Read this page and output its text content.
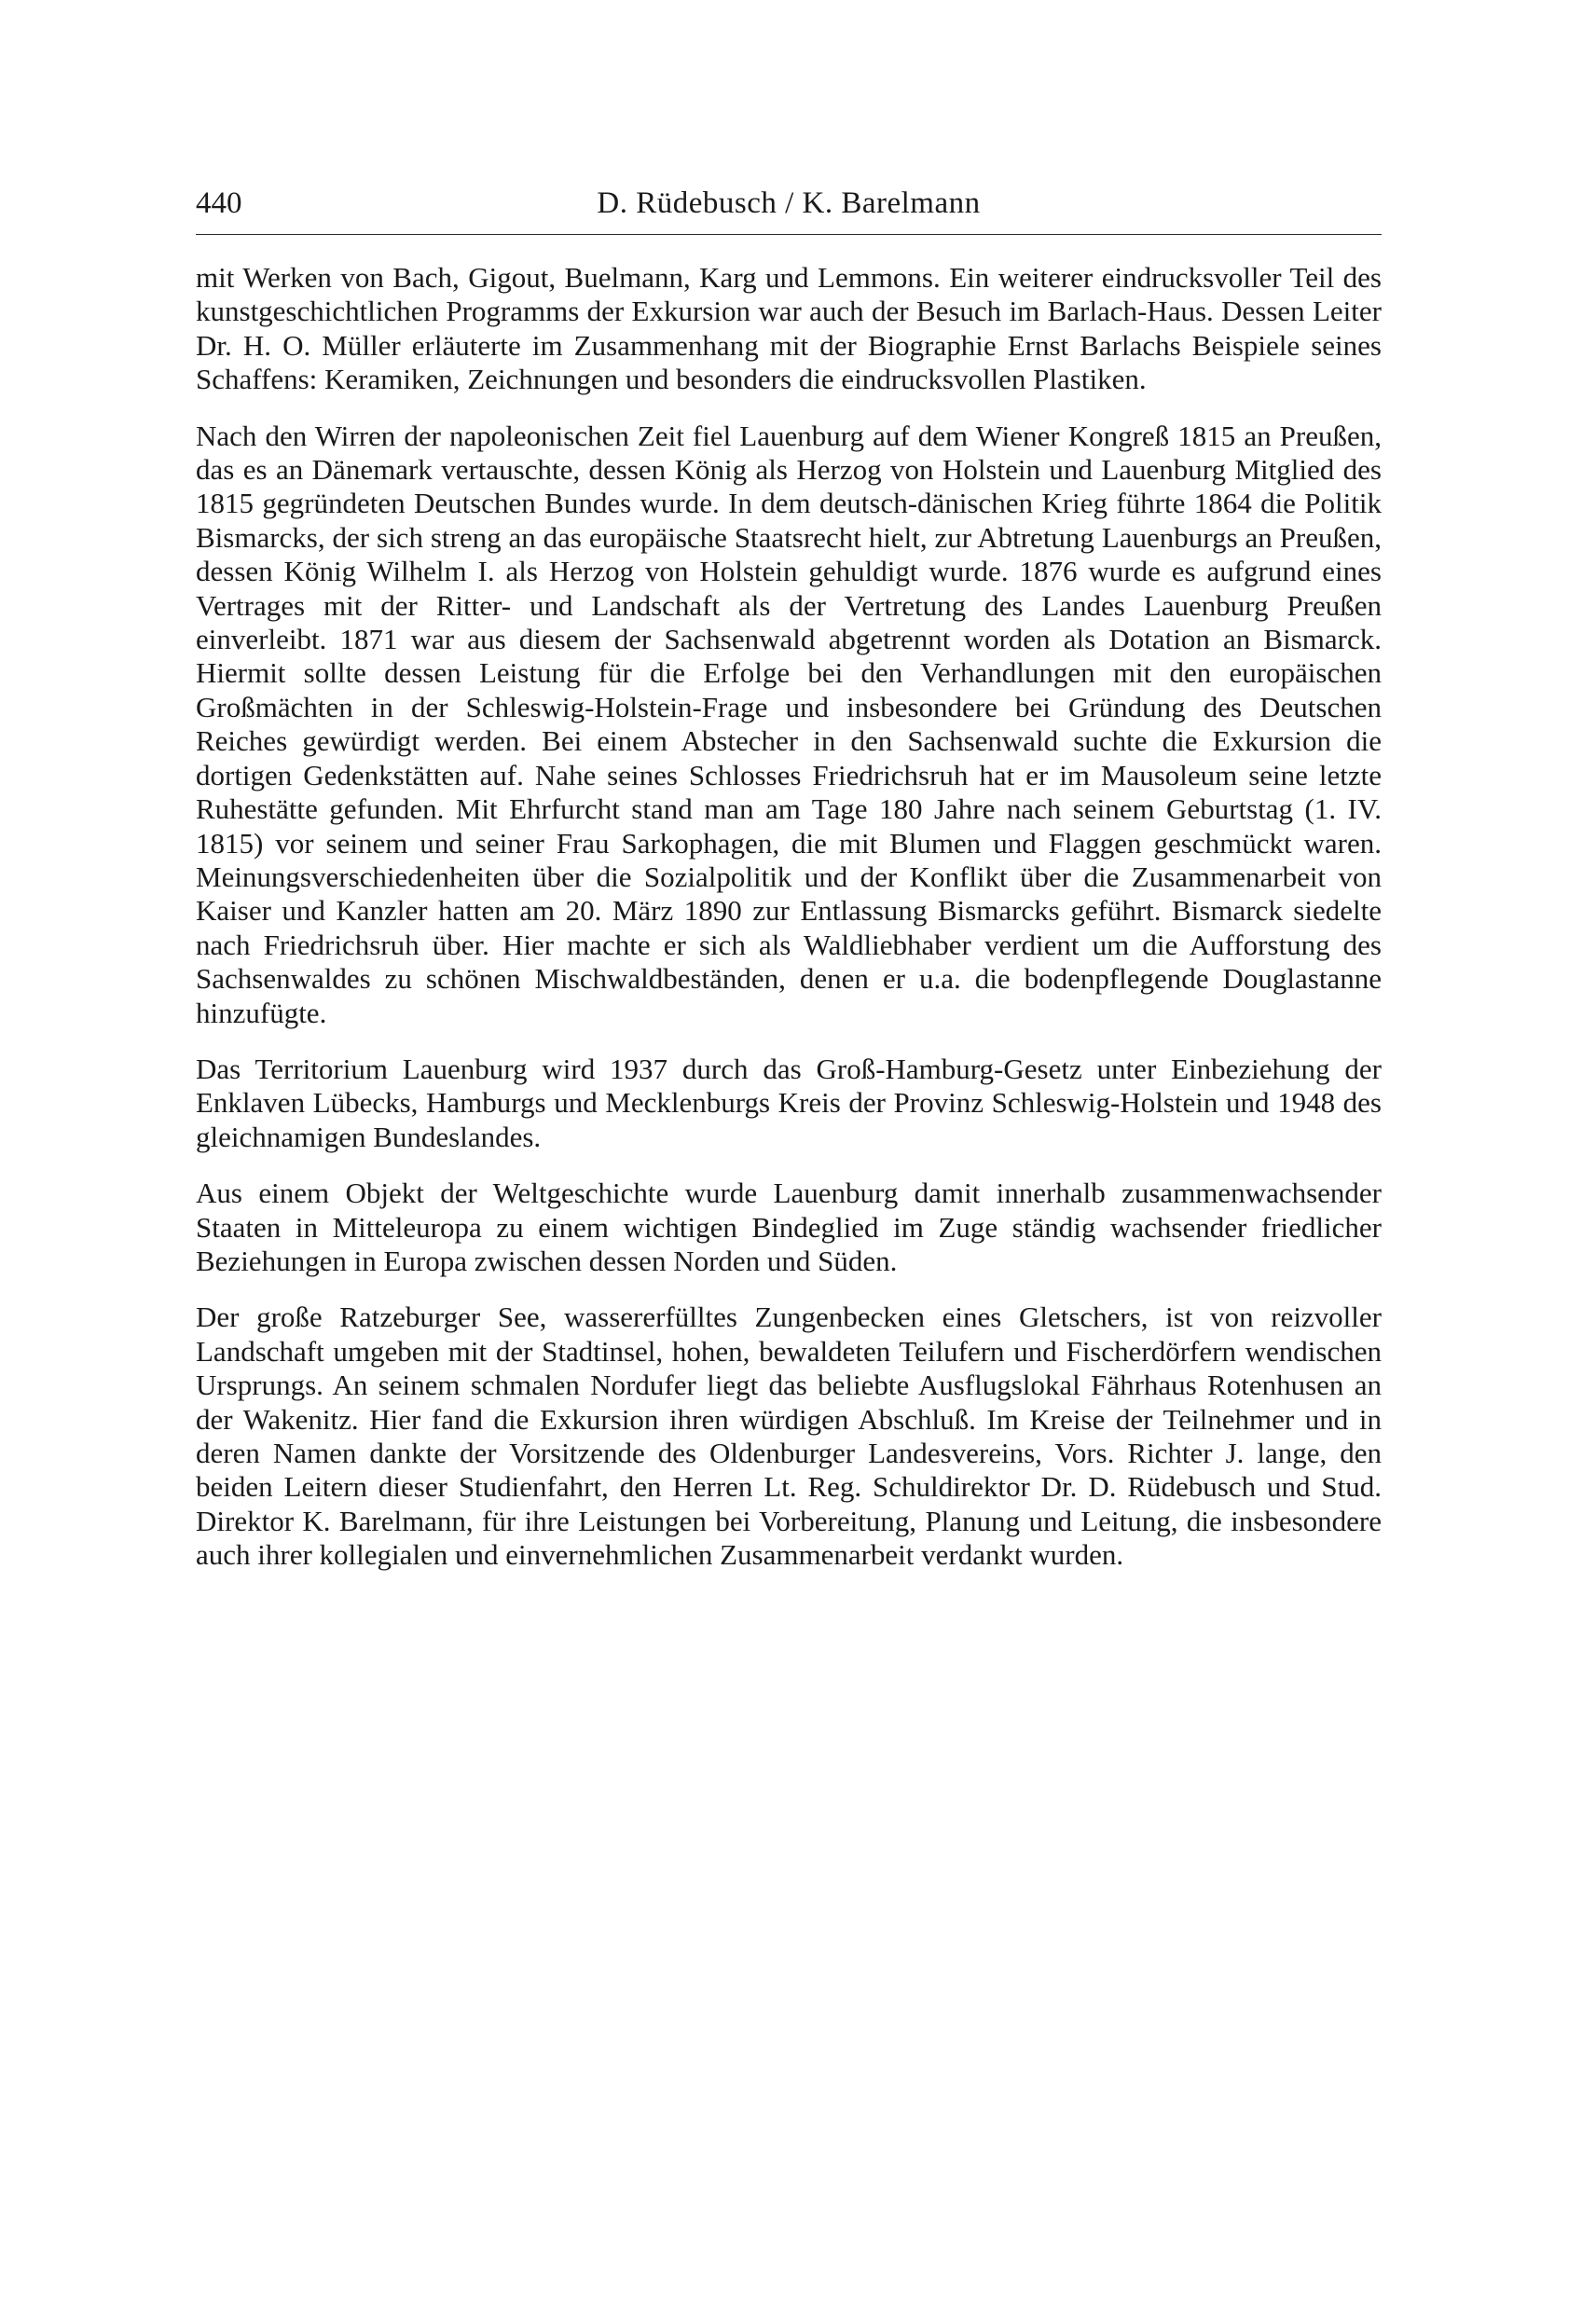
440	D. Rüdebusch / K. Barelmann

mit Werken von Bach, Gigout, Buelmann, Karg und Lemmons. Ein weiterer eindrucksvoller Teil des kunstgeschichtlichen Programms der Exkursion war auch der Besuch im Barlach-Haus. Dessen Leiter Dr. H. O. Müller erläuterte im Zusammenhang mit der Biographie Ernst Barlachs Beispiele seines Schaffens: Keramiken, Zeichnungen und besonders die eindrucksvollen Plastiken.

Nach den Wirren der napoleonischen Zeit fiel Lauenburg auf dem Wiener Kongreß 1815 an Preußen, das es an Dänemark vertauschte, dessen König als Herzog von Holstein und Lauenburg Mitglied des 1815 gegründeten Deutschen Bundes wurde. In dem deutsch-dänischen Krieg führte 1864 die Politik Bismarcks, der sich streng an das europäische Staatsrecht hielt, zur Abtretung Lauenburgs an Preußen, dessen König Wilhelm I. als Herzog von Holstein gehuldigt wurde. 1876 wurde es aufgrund eines Vertrages mit der Ritter- und Landschaft als der Vertretung des Landes Lauenburg Preußen einverleibt. 1871 war aus diesem der Sachsenwald abgetrennt worden als Dotation an Bismarck. Hiermit sollte dessen Leistung für die Erfolge bei den Verhandlungen mit den europäischen Großmächten in der Schleswig-Holstein-Frage und insbesondere bei Gründung des Deutschen Reiches gewürdigt werden. Bei einem Abstecher in den Sachsenwald suchte die Exkursion die dortigen Gedenkstätten auf. Nahe seines Schlosses Friedrichsruh hat er im Mausoleum seine letzte Ruhestätte gefunden. Mit Ehrfurcht stand man am Tage 180 Jahre nach seinem Geburtstag (1. IV. 1815) vor seinem und seiner Frau Sarkophagen, die mit Blumen und Flaggen geschmückt waren. Meinungsverschiedenheiten über die Sozialpolitik und der Konflikt über die Zusammenarbeit von Kaiser und Kanzler hatten am 20. März 1890 zur Entlassung Bismarcks geführt. Bismarck siedelte nach Friedrichsruh über. Hier machte er sich als Waldliebhaber verdient um die Aufforstung des Sachsenwaldes zu schönen Mischwaldbeständen, denen er u.a. die bodenpflegende Douglastanne hinzufügte.

Das Territorium Lauenburg wird 1937 durch das Groß-Hamburg-Gesetz unter Einbeziehung der Enklaven Lübecks, Hamburgs und Mecklenburgs Kreis der Provinz Schleswig-Holstein und 1948 des gleichnamigen Bundeslandes.

Aus einem Objekt der Weltgeschichte wurde Lauenburg damit innerhalb zusammenwachsender Staaten in Mitteleuropa zu einem wichtigen Bindeglied im Zuge ständig wachsender friedlicher Beziehungen in Europa zwischen dessen Norden und Süden.

Der große Ratzeburger See, wassererfülltes Zungenbecken eines Gletschers, ist von reizvoller Landschaft umgeben mit der Stadtinsel, hohen, bewaldeten Teilufern und Fischerdörfern wendischen Ursprungs. An seinem schmalen Nordufer liegt das beliebte Ausflugslokal Fährhaus Rotenhusen an der Wakenitz. Hier fand die Exkursion ihren würdigen Abschluß. Im Kreise der Teilnehmer und in deren Namen dankte der Vorsitzende des Oldenburger Landesvereins, Vors. Richter J. lange, den beiden Leitern dieser Studienfahrt, den Herren Lt. Reg. Schuldirektor Dr. D. Rüdebusch und Stud. Direktor K. Barelmann, für ihre Leistungen bei Vorbereitung, Planung und Leitung, die insbesondere auch ihrer kollegialen und einvernehmlichen Zusammenarbeit verdankt wurden.
